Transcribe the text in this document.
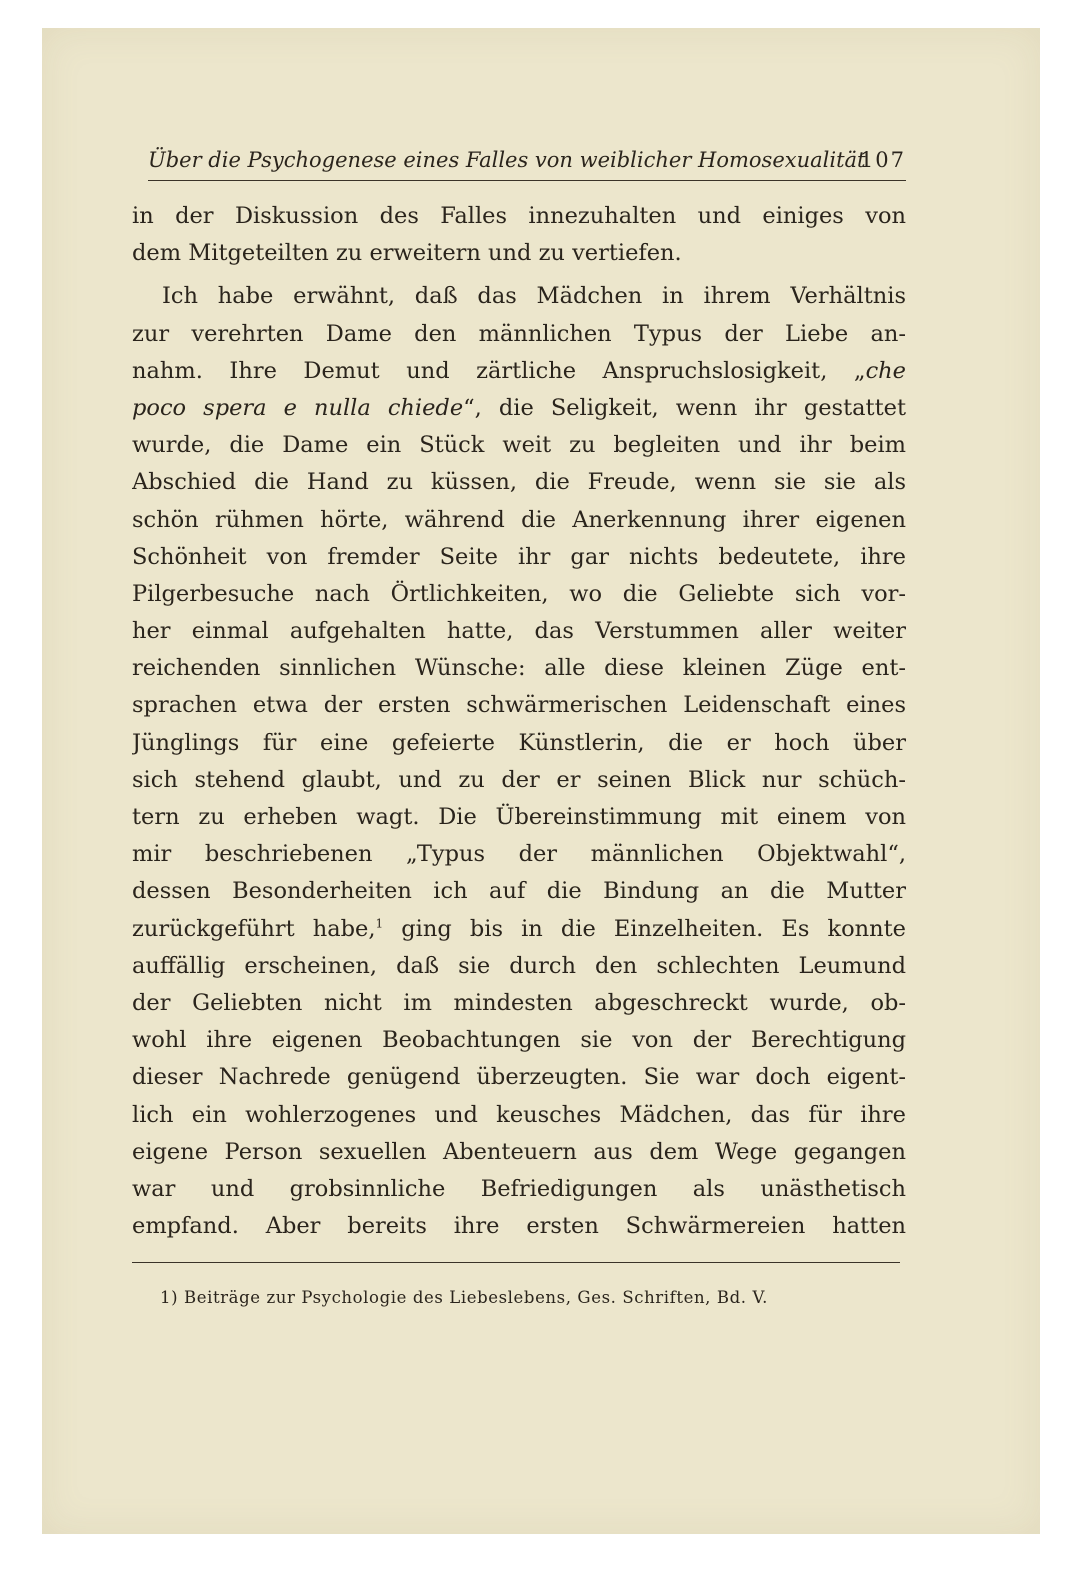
Über die Psychogenese eines Falles von weiblicher Homosexualität
107
in der Diskussion des Falles innezuhalten und einiges von
dem Mitgeteilten zu erweitern und zu vertiefen.
Ich habe erwähnt, daß das Mädchen in ihrem Verhältnis
zur verehrten Dame den männlichen Typus der Liebe an-
nahm. Ihre Demut und zärtliche Anspruchslosigkeit, „che
poco spera e nulla chiede“, die Seligkeit, wenn ihr gestattet
wurde, die Dame ein Stück weit zu begleiten und ihr beim
Abschied die Hand zu küssen, die Freude, wenn sie sie als
schön rühmen hörte, während die Anerkennung ihrer eigenen
Schönheit von fremder Seite ihr gar nichts bedeutete, ihre
Pilgerbesuche nach Örtlichkeiten, wo die Geliebte sich vor-
her einmal aufgehalten hatte, das Verstummen aller weiter
reichenden sinnlichen Wünsche: alle diese kleinen Züge ent-
sprachen etwa der ersten schwärmerischen Leidenschaft eines
Jünglings für eine gefeierte Künstlerin, die er hoch über
sich stehend glaubt, und zu der er seinen Blick nur schüch-
tern zu erheben wagt. Die Übereinstimmung mit einem von
mir beschriebenen „Typus der männlichen Objektwahl“,
dessen Besonderheiten ich auf die Bindung an die Mutter
zurückgeführt habe,$^1$ ging bis in die Einzelheiten. Es konnte
auffällig erscheinen, daß sie durch den schlechten Leumund
der Geliebten nicht im mindesten abgeschreckt wurde, ob-
wohl ihre eigenen Beobachtungen sie von der Berechtigung
dieser Nachrede genügend überzeugten. Sie war doch eigent-
lich ein wohlerzogenes und keusches Mädchen, das für ihre
eigene Person sexuellen Abenteuern aus dem Wege gegangen
war und grobsinnliche Befriedigungen als unästhetisch
empfand. Aber bereits ihre ersten Schwärmereien hatten
1) Beiträge zur Psychologie des Liebeslebens, Ges. Schriften, Bd. V.
